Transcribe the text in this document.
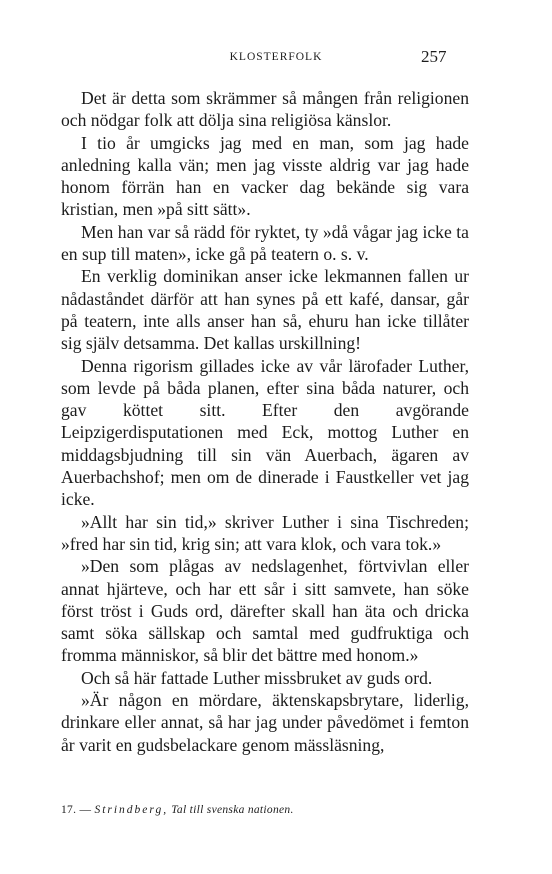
KLOSTERFOLK	257

Det är detta som skrämmer så mången från religionen och nödgar folk att dölja sina religiösa känslor.

I tio år umgicks jag med en man, som jag hade anledning kalla vän; men jag visste aldrig var jag hade honom förrän han en vacker dag bekände sig vara kristian, men »på sitt sätt».

Men han var så rädd för ryktet, ty »då vågar jag icke ta en sup till maten», icke gå på teatern o. s. v.

En verklig dominikan anser icke lekmannen fallen ur nådaståndet därför att han synes på ett kafé, dansar, går på teatern, inte alls anser han så, ehuru han icke tillåter sig själv detsamma. Det kallas urskillning!

Denna rigorism gillades icke av vår lärofader Luther, som levde på båda planen, efter sina båda naturer, och gav köttet sitt. Efter den avgörande Leipzigerdisputationen med Eck, mottog Luther en middagsbjudning till sin vän Auerbach, ägaren av Auerbachshof; men om de dinerade i Faustkeller vet jag icke.

»Allt har sin tid,» skriver Luther i sina Tischreden; »fred har sin tid, krig sin; att vara klok, och vara tok.»

»Den som plågas av nedslagenhet, förtvivlan eller annat hjärteve, och har ett sår i sitt samvete, han söke först tröst i Guds ord, därefter skall han äta och dricka samt söka sällskap och samtal med gudfruktiga och fromma människor, så blir det bättre med honom.»

Och så här fattade Luther missbruket av guds ord.

»Är någon en mördare, äktenskapsbrytare, liderlig, drinkare eller annat, så har jag under påvedömet i femton år varit en gudsbelackare genom mässläsning,

17. — Strindberg, Tal till svenska nationen.
